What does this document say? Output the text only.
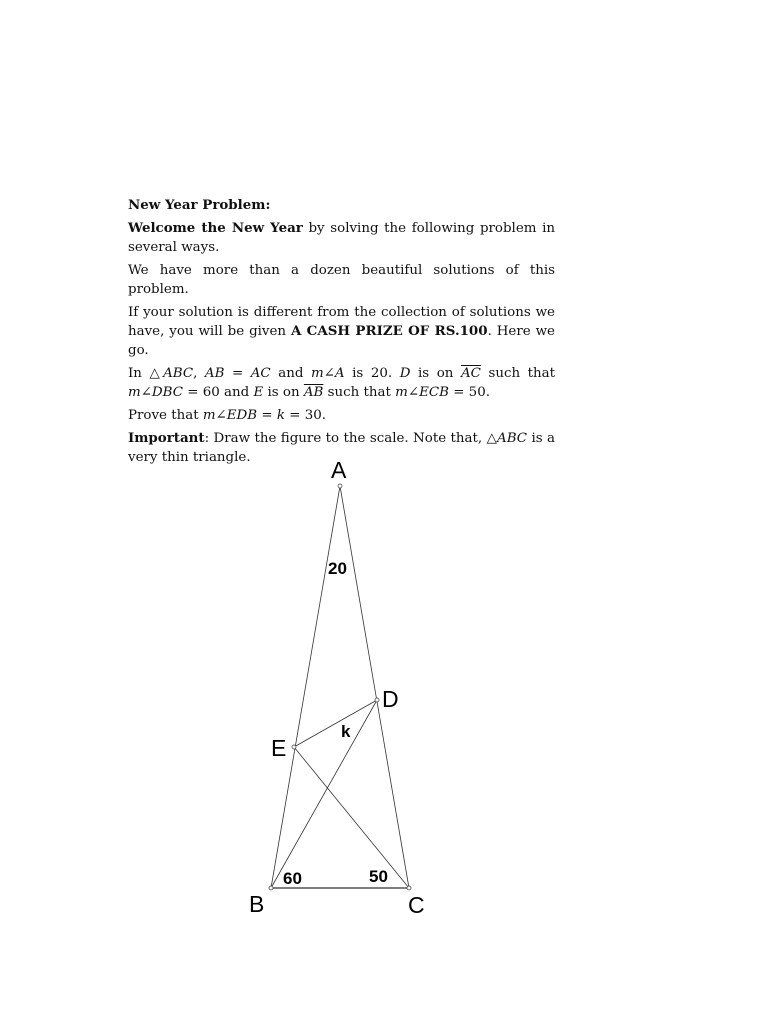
New Year Problem:

Welcome the New Year by solving the following problem in several ways.

We have more than a dozen beautiful solutions of this problem.

If your solution is different from the collection of solutions we have, you will be given A CASH PRIZE OF RS.100. Here we go.

In △ABC, AB = AC and m∠A is 20. D is on $\overline{AC}$ such that m∠DBC = 60 and E is on $\overline{AB}$ such that m∠ECB = 50.

Prove that m∠EDB = k = 30.

Important: Draw the figure to the scale. Note that, △ABC is a very thin triangle.	A
D
E
B	C
20
k
60	50
